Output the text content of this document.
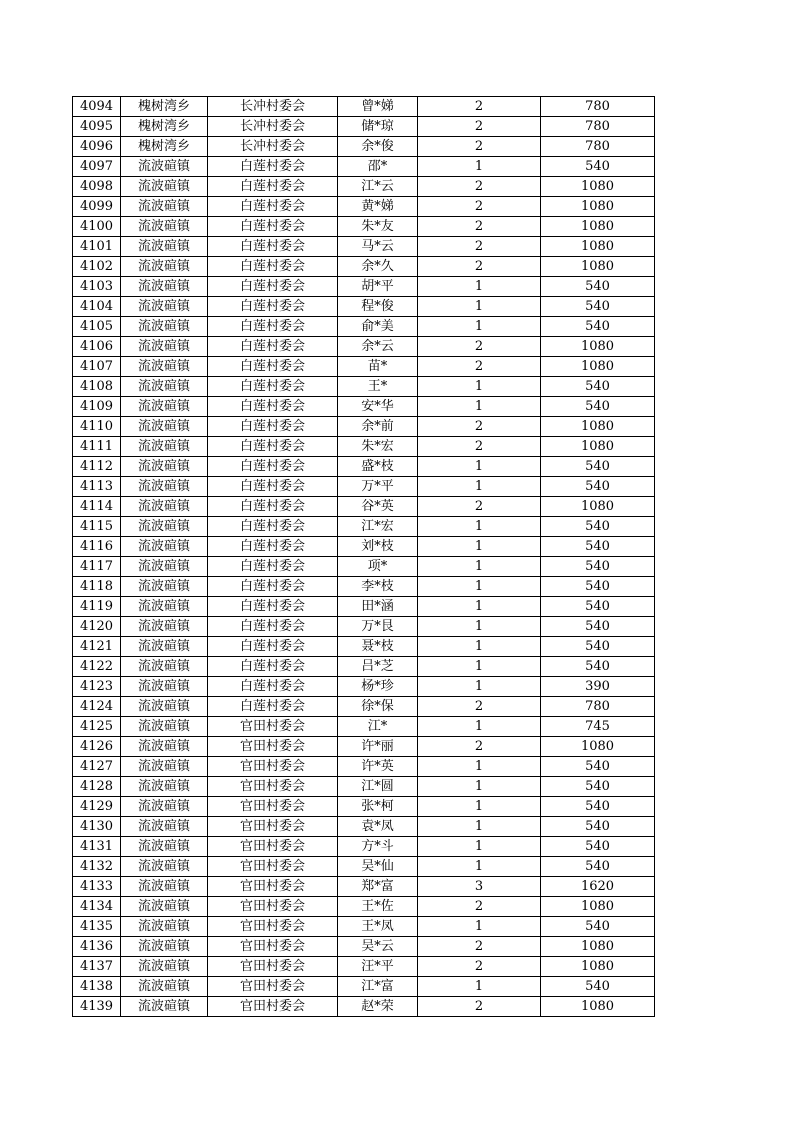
4094	槐树湾乡	长冲村委会	曾*娣	2	780
4095	槐树湾乡	长冲村委会	储*琼	2	780
4096	槐树湾乡	长冲村委会	余*俊	2	780
4097	流波碹镇	白莲村委会	邵*	1	540
4098	流波碹镇	白莲村委会	江*云	2	1080
4099	流波碹镇	白莲村委会	黄*娣	2	1080
4100	流波碹镇	白莲村委会	朱*友	2	1080
4101	流波碹镇	白莲村委会	马*云	2	1080
4102	流波碹镇	白莲村委会	余*久	2	1080
4103	流波碹镇	白莲村委会	胡*平	1	540
4104	流波碹镇	白莲村委会	程*俊	1	540
4105	流波碹镇	白莲村委会	俞*美	1	540
4106	流波碹镇	白莲村委会	余*云	2	1080
4107	流波碹镇	白莲村委会	苗*	2	1080
4108	流波碹镇	白莲村委会	王*	1	540
4109	流波碹镇	白莲村委会	安*华	1	540
4110	流波碹镇	白莲村委会	余*前	2	1080
4111	流波碹镇	白莲村委会	朱*宏	2	1080
4112	流波碹镇	白莲村委会	盛*枝	1	540
4113	流波碹镇	白莲村委会	万*平	1	540
4114	流波碹镇	白莲村委会	谷*英	2	1080
4115	流波碹镇	白莲村委会	江*宏	1	540
4116	流波碹镇	白莲村委会	刘*枝	1	540
4117	流波碹镇	白莲村委会	项*	1	540
4118	流波碹镇	白莲村委会	李*枝	1	540
4119	流波碹镇	白莲村委会	田*涵	1	540
4120	流波碹镇	白莲村委会	万*艮	1	540
4121	流波碹镇	白莲村委会	聂*枝	1	540
4122	流波碹镇	白莲村委会	吕*芝	1	540
4123	流波碹镇	白莲村委会	杨*珍	1	390
4124	流波碹镇	白莲村委会	徐*保	2	780
4125	流波碹镇	官田村委会	江*	1	745
4126	流波碹镇	官田村委会	许*丽	2	1080
4127	流波碹镇	官田村委会	许*英	1	540
4128	流波碹镇	官田村委会	江*圆	1	540
4129	流波碹镇	官田村委会	张*柯	1	540
4130	流波碹镇	官田村委会	袁*凤	1	540
4131	流波碹镇	官田村委会	方*斗	1	540
4132	流波碹镇	官田村委会	吴*仙	1	540
4133	流波碹镇	官田村委会	郑*富	3	1620
4134	流波碹镇	官田村委会	王*佐	2	1080
4135	流波碹镇	官田村委会	王*凤	1	540
4136	流波碹镇	官田村委会	吴*云	2	1080
4137	流波碹镇	官田村委会	汪*平	2	1080
4138	流波碹镇	官田村委会	江*富	1	540
4139	流波碹镇	官田村委会	赵*荣	2	1080
